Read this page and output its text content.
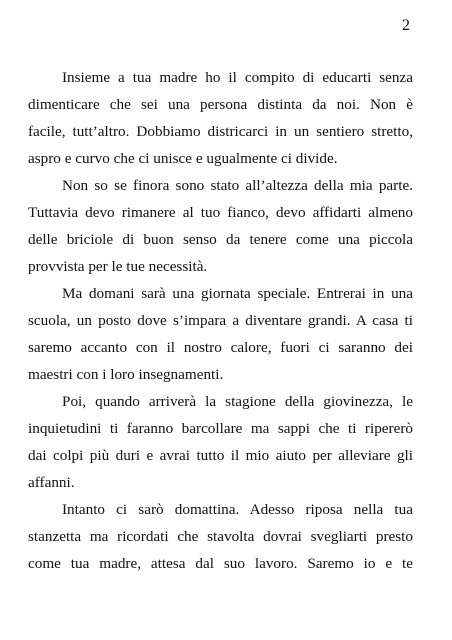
2
Insieme a tua madre ho il compito di educarti senza
dimenticare che sei una persona distinta da noi. Non è
facile, tutt’altro. Dobbiamo districarci in un sentiero stretto,
aspro e curvo che ci unisce e ugualmente ci divide.
Non so se finora sono stato all’altezza della mia parte.
Tuttavia devo rimanere al tuo fianco, devo affidarti almeno
delle briciole di buon senso da tenere come una piccola
provvista per le tue necessità.
Ma domani sarà una giornata speciale. Entrerai in una
scuola, un posto dove s’impara a diventare grandi. A casa ti
saremo accanto con il nostro calore, fuori ci saranno dei
maestri con i loro insegnamenti.
Poi, quando arriverà la stagione della giovinezza, le
inquietudini ti faranno barcollare ma sappi che ti ripererò
dai colpi più duri e avrai tutto il mio aiuto per alleviare gli
affanni.
Intanto ci sarò domattina. Adesso riposa nella tua
stanzetta ma ricordati che stavolta dovrai svegliarti presto
come tua madre, attesa dal suo lavoro. Saremo io e te
